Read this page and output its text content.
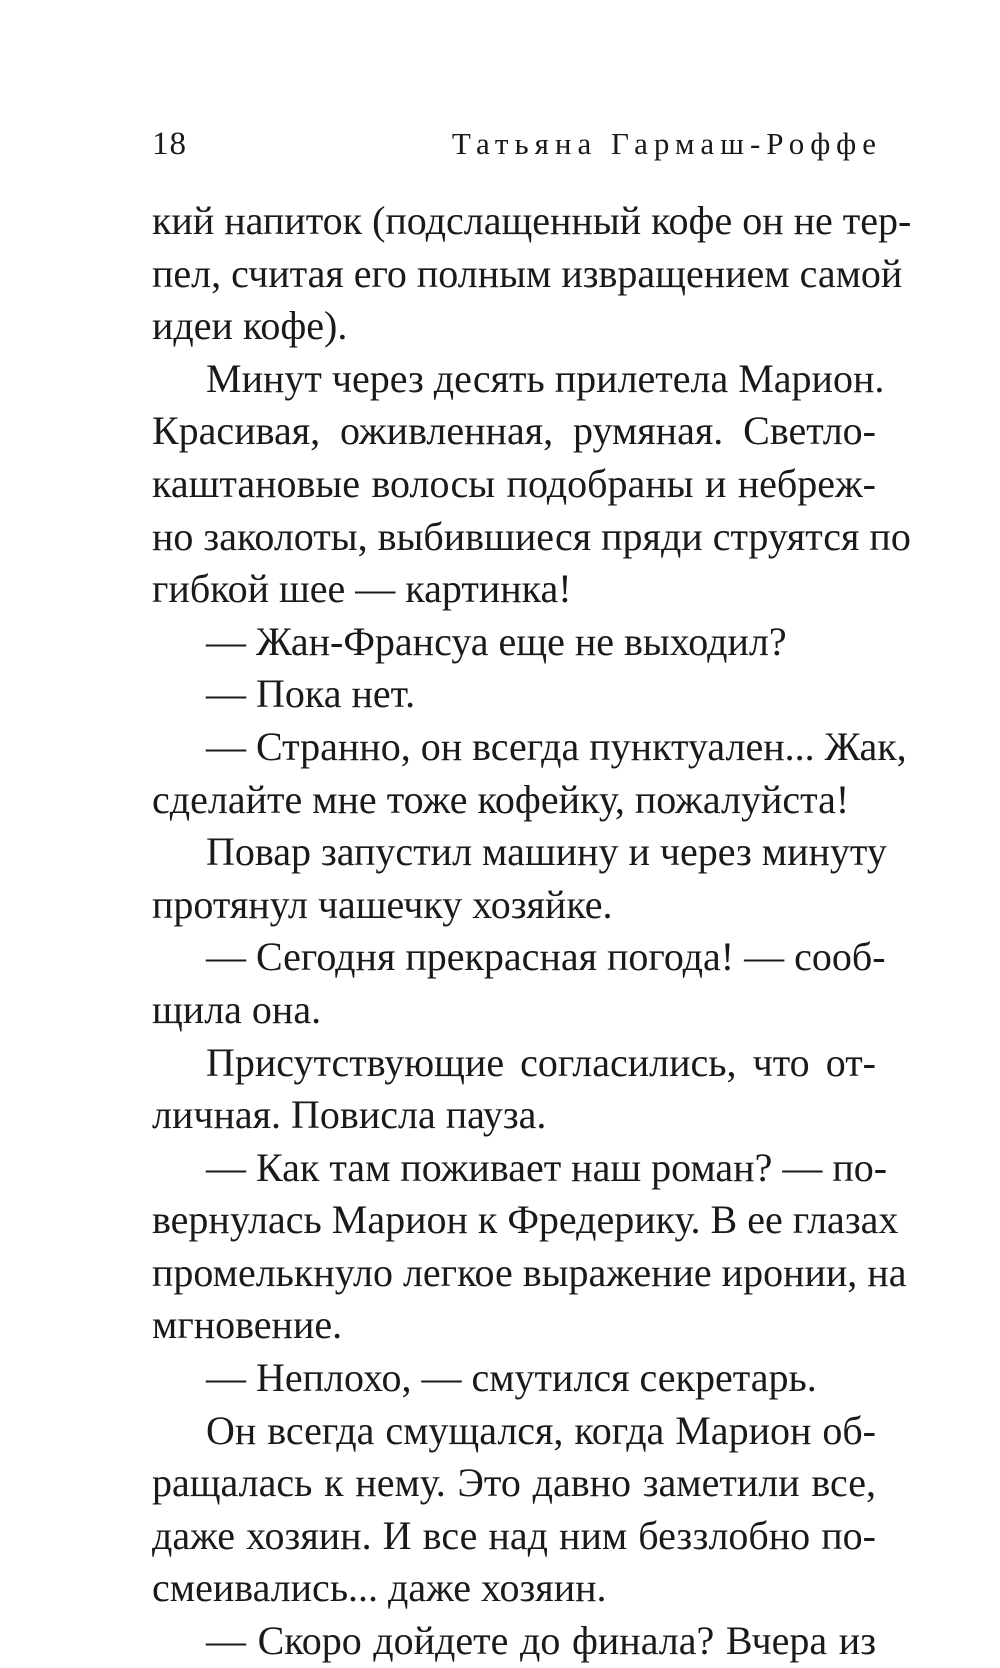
18	Татьяна Гармаш-Роффе
кий напиток (подслащенный кофе он не тер-
пел, считая его полным извращением самой
идеи кофе).
Минут через десять прилетела Марион.
Красивая, оживленная, румяная. Светло-
каштановые волосы подобраны и небреж-
но заколоты, выбившиеся пряди струятся по
гибкой шее — картинка!
— Жан-Франсуа еще не выходил?
— Пока нет.
— Странно, он всегда пунктуален... Жак,
сделайте мне тоже кофейку, пожалуйста!
Повар запустил машину и через минуту
протянул чашечку хозяйке.
— Сегодня прекрасная погода! — сооб-
щила она.
Присутствующие согласились, что от-
личная. Повисла пауза.
— Как там поживает наш роман? — по-
вернулась Марион к Фредерику. В ее глазах
промелькнуло легкое выражение иронии, на
мгновение.
— Неплохо, — смутился секретарь.
Он всегда смущался, когда Марион об-
ращалась к нему. Это давно заметили все,
даже хозяин. И все над ним беззлобно по-
смеивались... даже хозяин.
— Скоро дойдете до финала? Вчера из
